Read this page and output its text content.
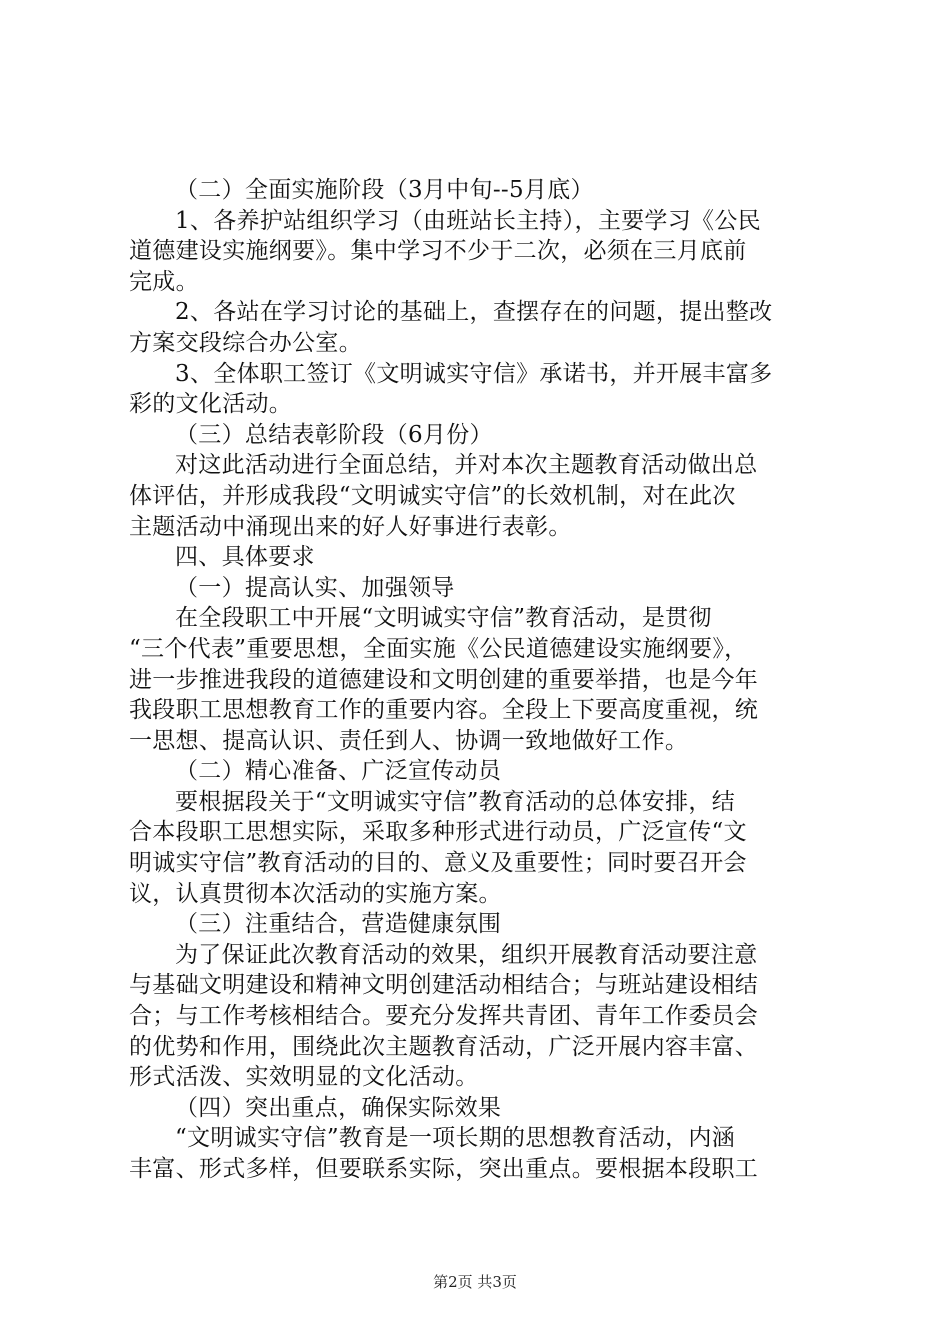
（二）全面实施阶段（3月中旬--5月底）
1、各养护站组织学习（由班站长主持），主要学习《公民
道德建设实施纲要》。集中学习不少于二次，必须在三月底前
完成。
2、各站在学习讨论的基础上，查摆存在的问题，提出整改
方案交段综合办公室。
3、全体职工签订《文明诚实守信》承诺书，并开展丰富多
彩的文化活动。
（三）总结表彰阶段（6月份）
对这此活动进行全面总结，并对本次主题教育活动做出总
体评估，并形成我段“文明诚实守信”的长效机制，对在此次
主题活动中涌现出来的好人好事进行表彰。
四、具体要求
（一）提高认实、加强领导
在全段职工中开展“文明诚实守信”教育活动，是贯彻
“三个代表”重要思想，全面实施《公民道德建设实施纲要》，
进一步推进我段的道德建设和文明创建的重要举措，也是今年
我段职工思想教育工作的重要内容。全段上下要高度重视，统
一思想、提高认识、责任到人、协调一致地做好工作。
（二）精心准备、广泛宣传动员
要根据段关于“文明诚实守信”教育活动的总体安排，结
合本段职工思想实际，采取多种形式进行动员，广泛宣传“文
明诚实守信”教育活动的目的、意义及重要性；同时要召开会
议，认真贯彻本次活动的实施方案。
（三）注重结合，营造健康氛围
为了保证此次教育活动的效果，组织开展教育活动要注意
与基础文明建设和精神文明创建活动相结合；与班站建设相结
合；与工作考核相结合。要充分发挥共青团、青年工作委员会
的优势和作用，围绕此次主题教育活动，广泛开展内容丰富、
形式活泼、实效明显的文化活动。
（四）突出重点，确保实际效果
“文明诚实守信”教育是一项长期的思想教育活动，内涵
丰富、形式多样，但要联系实际，突出重点。要根据本段职工
第2页 共3页
